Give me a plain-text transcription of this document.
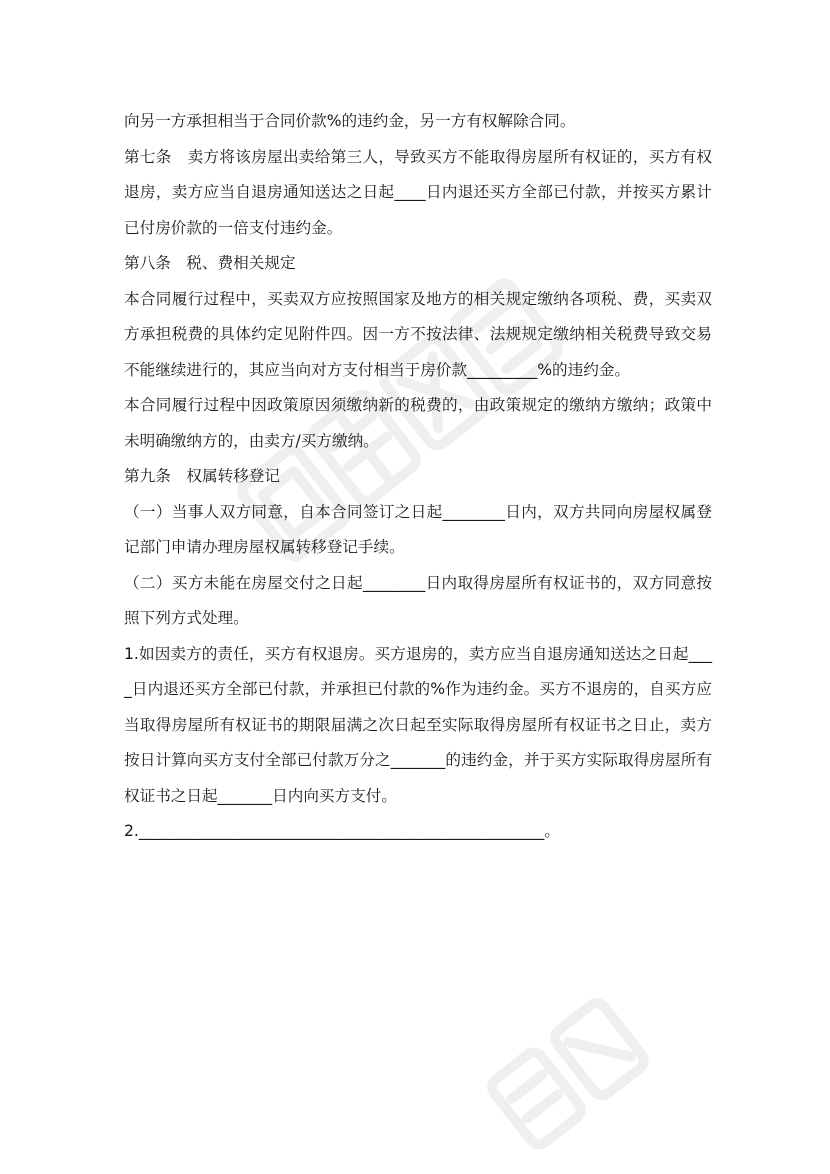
向另一方承担相当于合同价款%的违约金，另一方有权解除合同。

第七条　卖方将该房屋出卖给第三人，导致买方不能取得房屋所有权证的，买方有权退房，卖方应当自退房通知送达之日起____日内退还买方全部已付款，并按买方累计已付房价款的一倍支付违约金。

第八条　税、费相关规定

本合同履行过程中，买卖双方应按照国家及地方的相关规定缴纳各项税、费，买卖双方承担税费的具体约定见附件四。因一方不按法律、法规规定缴纳相关税费导致交易不能继续进行的，其应当向对方支付相当于房价款_________%的违约金。

本合同履行过程中因政策原因须缴纳新的税费的，由政策规定的缴纳方缴纳；政策中未明确缴纳方的，由卖方/买方缴纳。

第九条　权属转移登记

（一）当事人双方同意，自本合同签订之日起________日内，双方共同向房屋权属登记部门申请办理房屋权属转移登记手续。

（二）买方未能在房屋交付之日起________日内取得房屋所有权证书的，双方同意按照下列方式处理。

1.如因卖方的责任，买方有权退房。买方退房的，卖方应当自退房通知送达之日起____日内退还买方全部已付款，并承担已付款的%作为违约金。买方不退房的，自买方应当取得房屋所有权证书的期限届满之次日起至实际取得房屋所有权证书之日止，卖方按日计算向买方支付全部已付款万分之_______的违约金，并于买方实际取得房屋所有权证书之日起_______日内向买方支付。

2.____________________________________________________。
